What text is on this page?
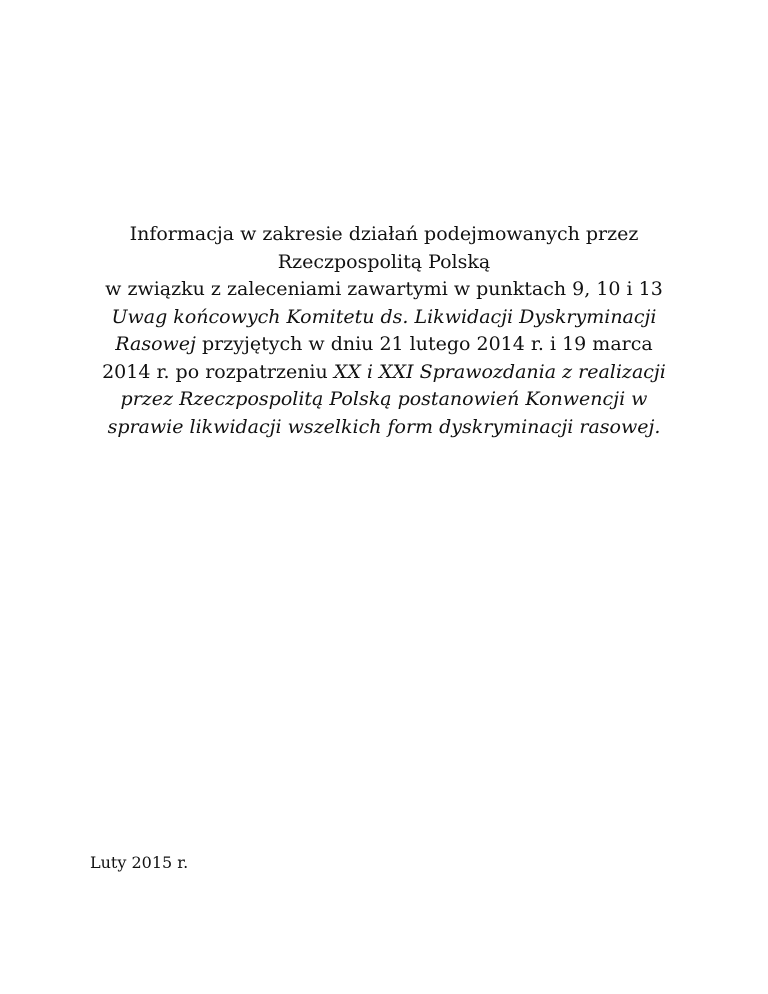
Informacja w zakresie działań podejmowanych przez
Rzeczpospolitą Polską
w związku z zaleceniami zawartymi w punktach 9, 10 i 13
Uwag końcowych Komitetu ds. Likwidacji Dyskryminacji
Rasowej przyjętych w dniu 21 lutego 2014 r. i 19 marca
2014 r. po rozpatrzeniu XX i XXI Sprawozdania z realizacji
przez Rzeczpospolitą Polską postanowień Konwencji w
sprawie likwidacji wszelkich form dyskryminacji rasowej.
Luty 2015 r.
